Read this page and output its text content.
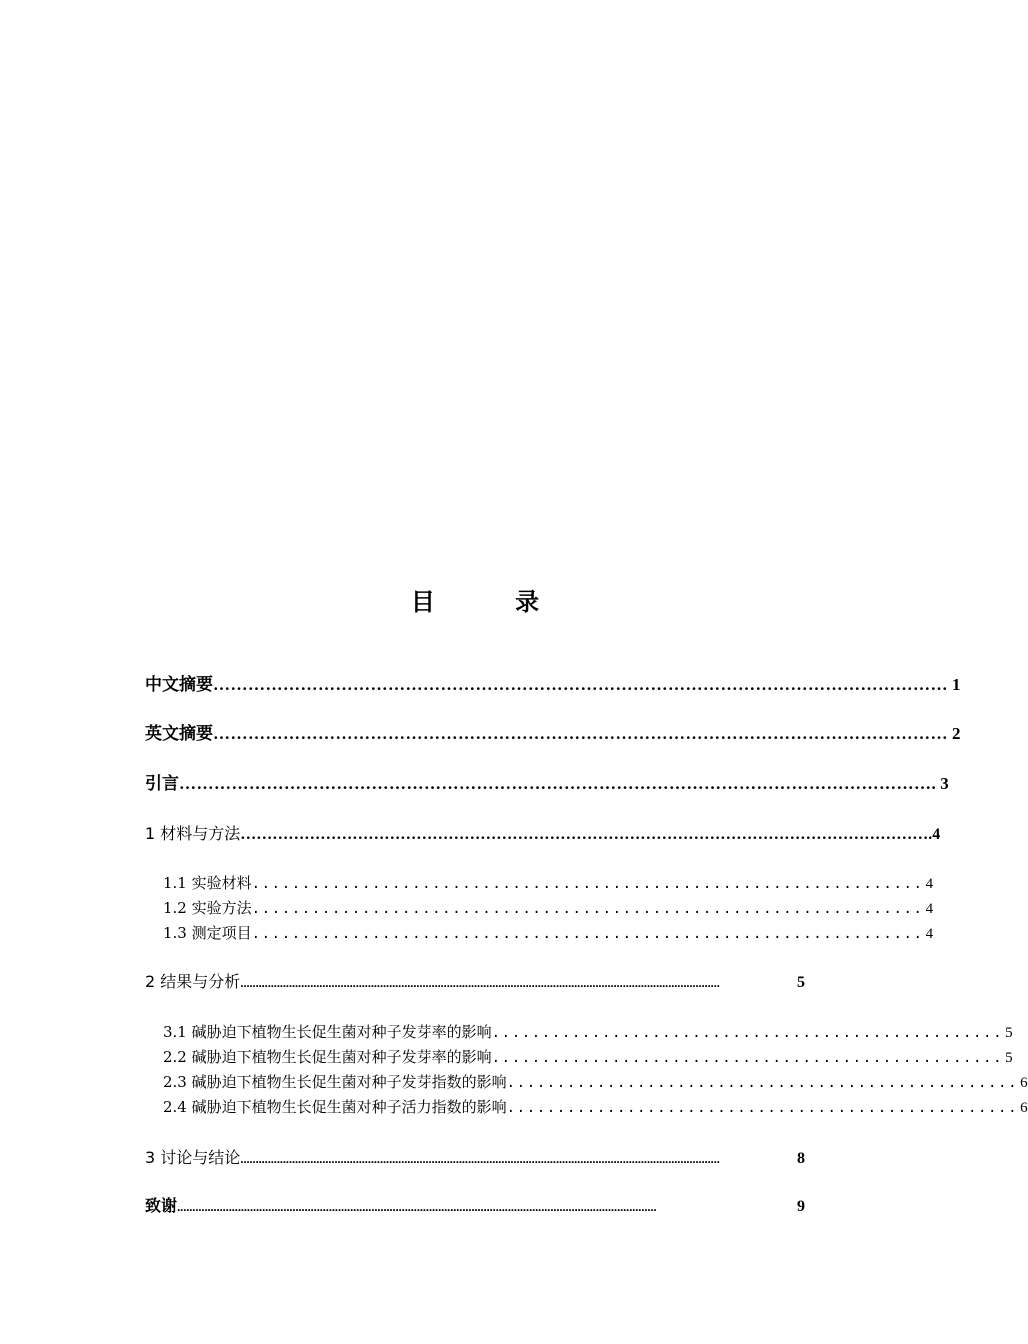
目 录
中文摘要 ……………………………………………………………………………………………………………… 1
英文摘要 ……………………………………………………………………………………………………………… 2
引言 …………………………………………………………………………………………………………………. 3
1 材料与方法 ………………………………………………………………………………………………………………… .4
1.1 实验材料 ................................................................... 4
1.2 实验方法 ................................................................... 4
1.3 测定项目 ................................................................... 4
2 结果与分析 ..............................................................................................................................................................	5
3.1 碱胁迫下植物生长促生菌对种子发芽率的影响 ................................................... 5
2.2 碱胁迫下植物生长促生菌对种子发芽率的影响 ................................................... 5
2.3 碱胁迫下植物生长促生菌对种子发芽指数的影响 ................................................... 6
2.4 碱胁迫下植物生长促生菌对种子活力指数的影响 ................................................... 6
3 讨论与结论 ..............................................................................................................................................................	8
致谢 ..............................................................................................................................................................	9
